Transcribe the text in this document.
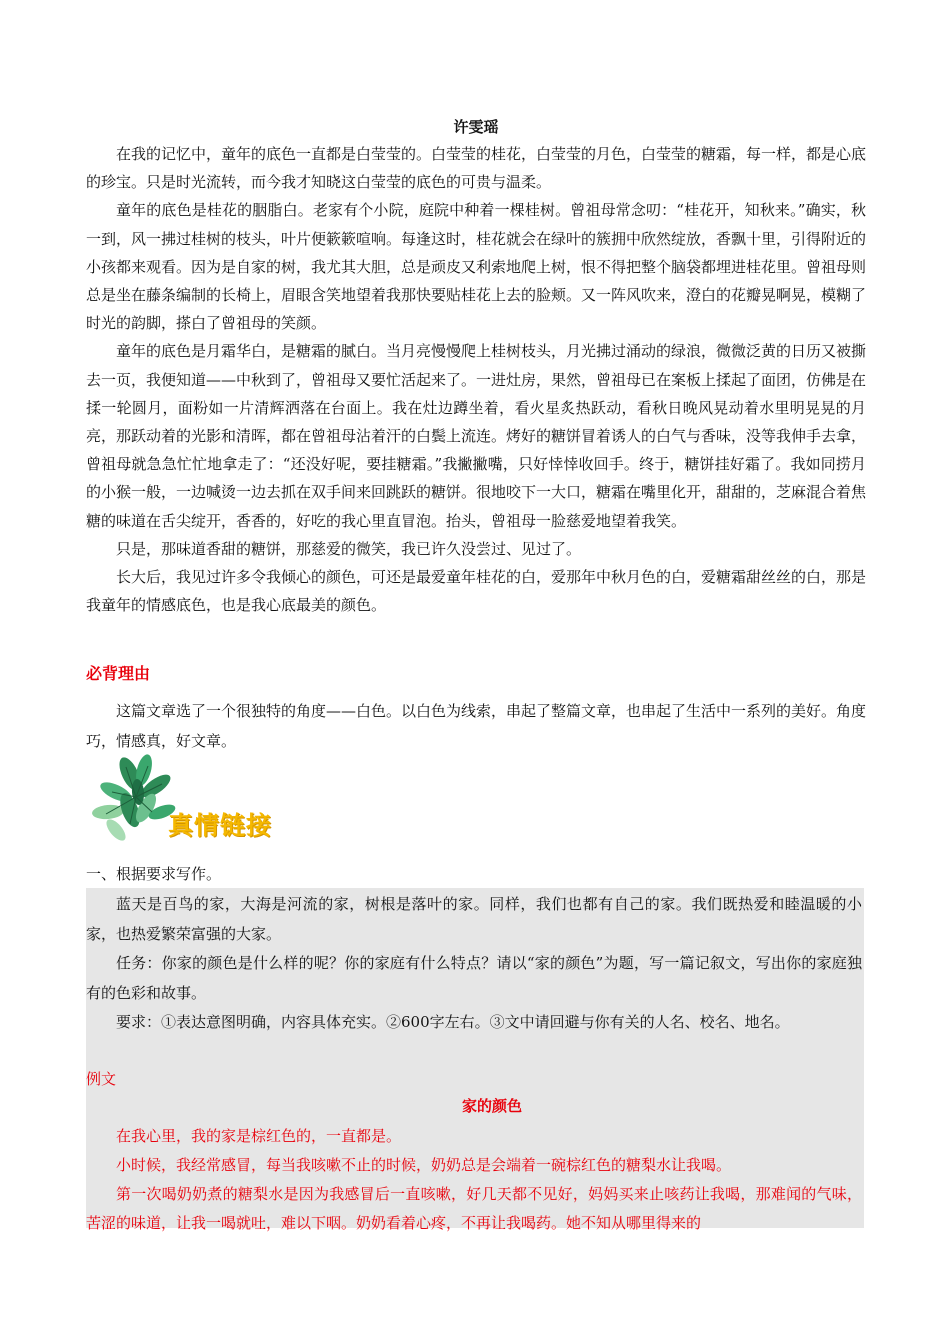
许雯瑶

在我的记忆中，童年的底色一直都是白莹莹的。白莹莹的桂花，白莹莹的月色，白莹莹的糖霜，每一样，都是心底的珍宝。只是时光流转，而今我才知晓这白莹莹的底色的可贵与温柔。

童年的底色是桂花的胭脂白。老家有个小院，庭院中种着一棵桂树。曾祖母常念叨：“桂花开，知秋来。”确实，秋一到，风一拂过桂树的枝头，叶片便簌簌喧响。每逢这时，桂花就会在绿叶的簇拥中欣然绽放，香飘十里，引得附近的小孩都来观看。因为是自家的树，我尤其大胆，总是顽皮又利索地爬上树，恨不得把整个脑袋都埋进桂花里。曾祖母则总是坐在藤条编制的长椅上，眉眼含笑地望着我那快要贴桂花上去的脸颊。又一阵风吹来，澄白的花瓣晃啊晃，模糊了时光的韵脚，搽白了曾祖母的笑颜。

童年的底色是月霜华白，是糖霜的腻白。当月亮慢慢爬上桂树枝头，月光拂过涌动的绿浪，微微泛黄的日历又被撕去一页，我便知道——中秋到了，曾祖母又要忙活起来了。一进灶房，果然，曾祖母已在案板上揉起了面团，仿佛是在揉一轮圆月，面粉如一片清辉洒落在台面上。我在灶边蹲坐着，看火星炙热跃动，看秋日晚风晃动着水里明晃晃的月亮，那跃动着的光影和清晖，都在曾祖母沾着汗的白鬓上流连。烤好的糖饼冒着诱人的白气与香味，没等我伸手去拿，曾祖母就急急忙忙地拿走了：“还没好呢，要挂糖霜。”我撇撇嘴，只好悻悻收回手。终于，糖饼挂好霜了。我如同捞月的小猴一般，一边喊烫一边去抓在双手间来回跳跃的糖饼。很地咬下一大口，糖霜在嘴里化开，甜甜的，芝麻混合着焦糖的味道在舌尖绽开，香香的，好吃的我心里直冒泡。抬头，曾祖母一脸慈爱地望着我笑。

只是，那味道香甜的糖饼，那慈爱的微笑，我已许久没尝过、见过了。

长大后，我见过许多令我倾心的颜色，可还是最爱童年桂花的白，爱那年中秋月色的白，爱糖霜甜丝丝的白，那是我童年的情感底色，也是我心底最美的颜色。

必背理由

这篇文章选了一个很独特的角度——白色。以白色为线索，串起了整篇文章，也串起了生活中一系列的美好。角度巧，情感真，好文章。

真情链接
一、根据要求写作。

蓝天是百鸟的家，大海是河流的家，树根是落叶的家。同样，我们也都有自己的家。我们既热爱和睦温暖的小家，也热爱繁荣富强的大家。

任务：你家的颜色是什么样的呢？你的家庭有什么特点？请以“家的颜色”为题，写一篇记叙文，写出你的家庭独有的色彩和故事。

要求：①表达意图明确，内容具体充实。②600字左右。③文中请回避与你有关的人名、校名、地名。

例文
家的颜色

在我心里，我的家是棕红色的，一直都是。

小时候，我经常感冒，每当我咳嗽不止的时候，奶奶总是会端着一碗棕红色的糖梨水让我喝。

第一次喝奶奶煮的糖梨水是因为我感冒后一直咳嗽，好几天都不见好，妈妈买来止咳药让我喝，那难闻的气味，苦涩的味道，让我一喝就吐，难以下咽。奶奶看着心疼，不再让我喝药。她不知从哪里得来的
